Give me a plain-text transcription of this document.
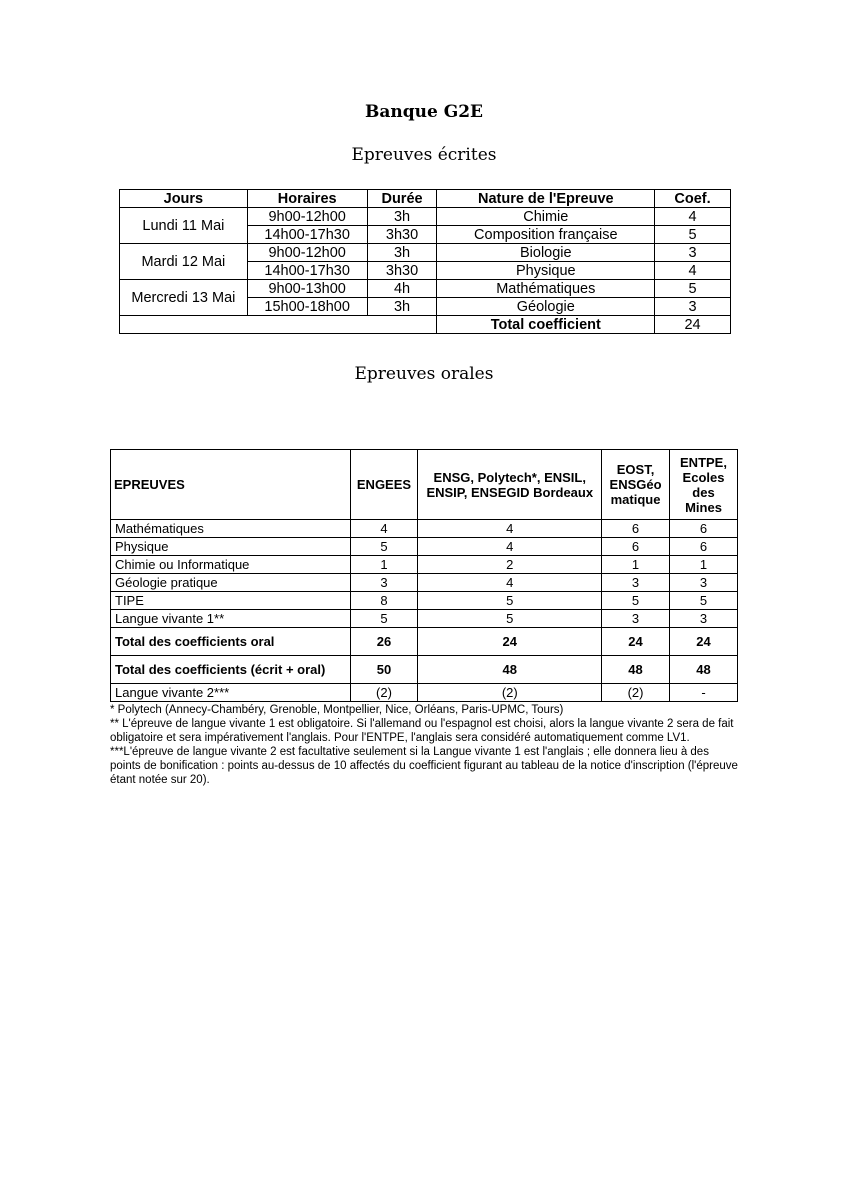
Banque G2E
Epreuves écrites
Jours	Horaires	Durée	Nature de l'Epreuve	Coef.
Lundi 11 Mai	9h00-12h00	3h	Chimie	4
	14h00-17h30	3h30	Composition française	5
Mardi 12 Mai	9h00-12h00	3h	Biologie	3
	14h00-17h30	3h30	Physique	4
Mercredi 13 Mai	9h00-13h00	4h	Mathématiques	5
	15h00-18h00	3h	Géologie	3
			Total coefficient	24
Epreuves orales
EPREUVES	ENGEES	ENSG, Polytech*, ENSIL, ENSIP, ENSEGID Bordeaux	EOST, ENSGéo matique	ENTPE, Ecoles des Mines
Mathématiques	4	4	6	6
Physique	5	4	6	6
Chimie ou Informatique	1	2	1	1
Géologie pratique	3	4	3	3
TIPE	8	5	5	5
Langue vivante 1**	5	5	3	3
Total des coefficients oral	26	24	24	24
Total des coefficients (écrit + oral)	50	48	48	48
Langue vivante 2***	(2)	(2)	(2)	-

* Polytech (Annecy-Chambéry, Grenoble, Montpellier, Nice, Orléans, Paris-UPMC, Tours)

** L'épreuve de langue vivante 1 est obligatoire. Si l'allemand ou l'espagnol est choisi, alors la langue vivante 2 sera de fait obligatoire et sera impérativement l'anglais. Pour l'ENTPE, l'anglais sera considéré automatiquement comme LV1.

***L'épreuve de langue vivante 2 est facultative seulement si la Langue vivante 1 est l'anglais ; elle donnera lieu à des points de bonification : points au-dessus de 10 affectés du coefficient figurant au tableau de la notice d'inscription (l'épreuve étant notée sur 20).
